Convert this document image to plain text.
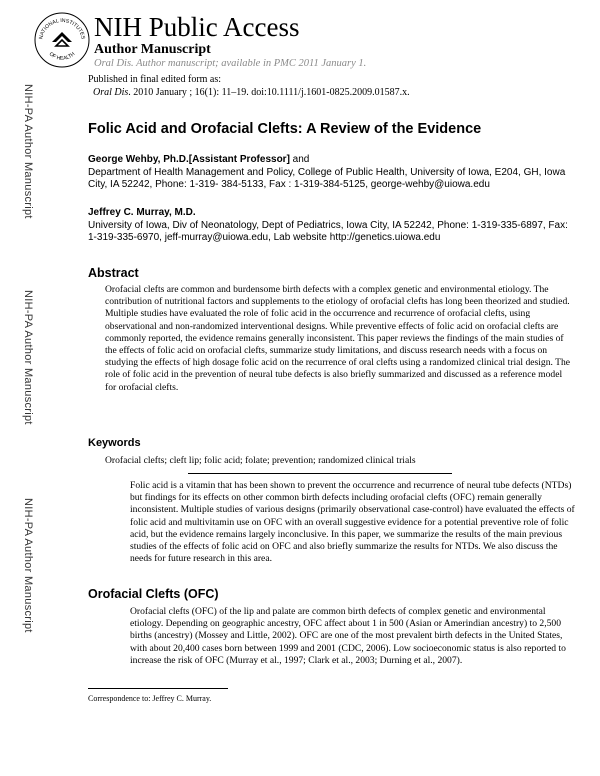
NATIONAL INSTITUTES
OF HEALTH
NIH Public Access
Author Manuscript
Oral Dis. Author manuscript; available in PMC 2011 January 1.
NIH-PA Author Manuscript
NIH-PA Author Manuscript
NIH-PA Author Manuscript
Published in final edited form as:
Oral Dis. 2010 January ; 16(1): 11–19. doi:10.1111/j.1601-0825.2009.01587.x.
Folic Acid and Orofacial Clefts: A Review of the Evidence
George Wehby, Ph.D.[Assistant Professor] and
Department of Health Management and Policy, College of Public Health, University of Iowa, E204, GH, Iowa City, IA 52242, Phone: 1-319- 384-5133, Fax : 1-319-384-5125, george-wehby@uiowa.edu
Jeffrey C. Murray, M.D.
University of Iowa, Div of Neonatology, Dept of Pediatrics, Iowa City, IA 52242, Phone: 1-319-335-6897, Fax: 1-319-335-6970, jeff-murray@uiowa.edu, Lab website http://genetics.uiowa.edu
Abstract

Orofacial clefts are common and burdensome birth defects with a complex genetic and environmental etiology. The contribution of nutritional factors and supplements to the etiology of orofacial clefts has long been theorized and studied. Multiple studies have evaluated the role of folic acid in the occurrence and recurrence of orofacial clefts, using observational and non-randomized interventional designs. While preventive effects of folic acid on orofacial clefts are commonly reported, the evidence remains generally inconsistent. This paper reviews the findings of the main studies of the effects of folic acid on orofacial clefts, summarize study limitations, and discuss research needs with a focus on studying the effects of high dosage folic acid on the recurrence of oral clefts using a randomized clinical trial design. The role of folic acid in the prevention of neural tube defects is also briefly summarized and discussed as a reference model for orofacial clefts.

Keywords
Orofacial clefts; cleft lip; folic acid; folate; prevention; randomized clinical trials

Folic acid is a vitamin that has been shown to prevent the occurrence and recurrence of neural tube defects (NTDs) but findings for its effects on other common birth defects including orofacial clefts (OFC) remain generally inconsistent. Multiple studies of various designs (primarily observational case-control) have evaluated the effects of folic acid and multivitamin use on OFC with an overall suggestive evidence for a potential preventive role of folic acid, but the evidence remains largely inconclusive. In this paper, we summarize the results of the main previous studies of the effects of folic acid on OFC and also briefly summarize the results for NTDs. We also discuss the needs for future research in this area.

Orofacial Clefts (OFC)

Orofacial clefts (OFC) of the lip and palate are common birth defects of complex genetic and environmental etiology. Depending on geographic ancestry, OFC affect about 1 in 500 (Asian or Amerindian ancestry) to 2,500 births (ancestry) (Mossey and Little, 2002). OFC are one of the most prevalent birth defects in the United States, with about 20,400 cases born between 1999 and 2001 (CDC, 2006). Low socioeconomic status is also reported to increase the risk of OFC (Murray et al., 1997; Clark et al., 2003; Durning et al., 2007).

Correspondence to: Jeffrey C. Murray.
